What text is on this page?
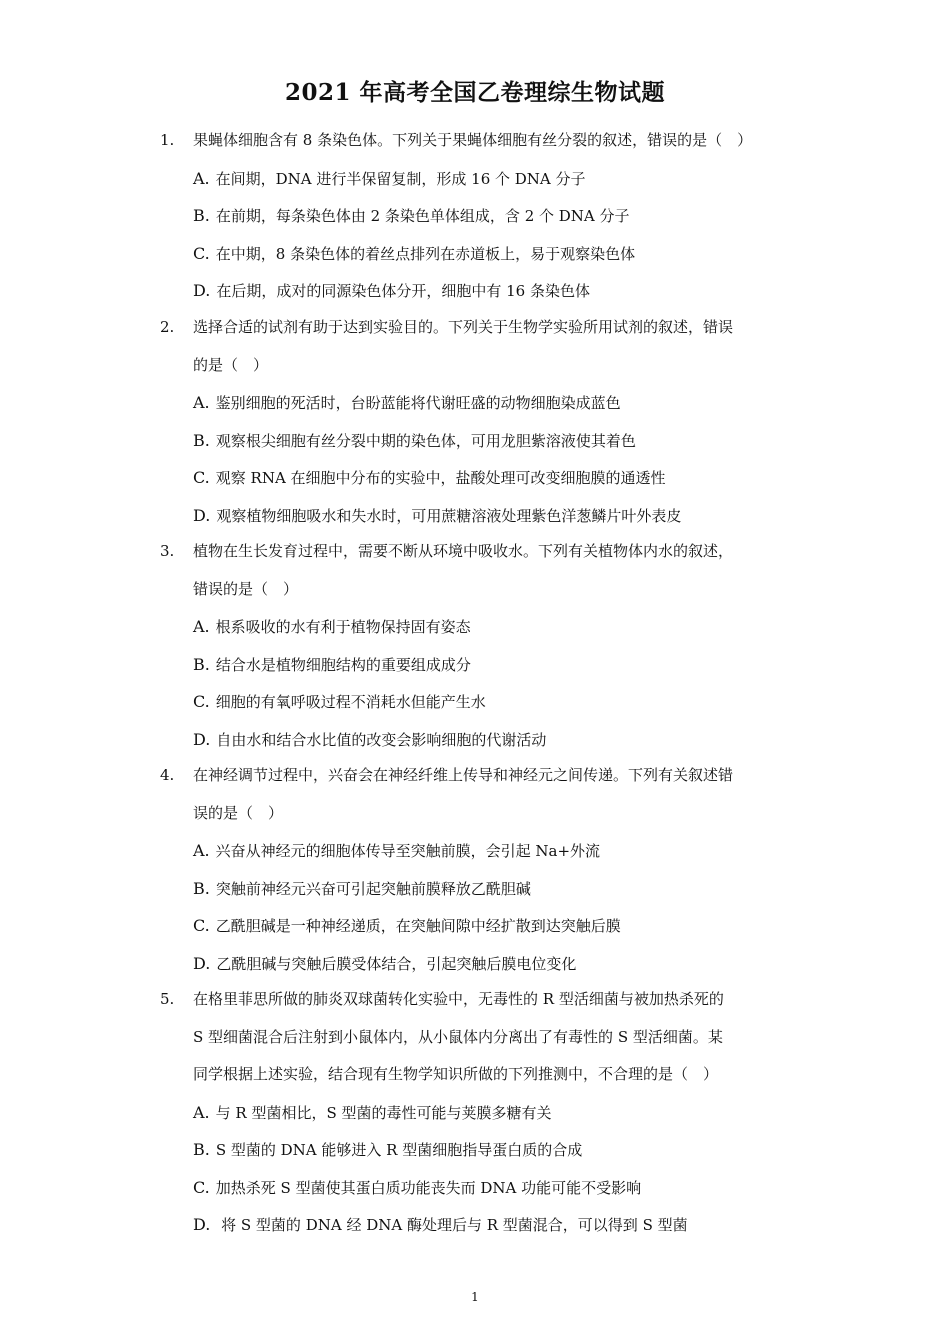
2021 年高考全国乙卷理综生物试题
1. 果蝇体细胞含有 8 条染色体。下列关于果蝇体细胞有丝分裂的叙述，错误的是（　）
A. 在间期，DNA 进行半保留复制，形成 16 个 DNA 分子
B. 在前期，每条染色体由 2 条染色单体组成，含 2 个 DNA 分子
C. 在中期，8 条染色体的着丝点排列在赤道板上，易于观察染色体
D. 在后期，成对的同源染色体分开，细胞中有 16 条染色体
2. 选择合适的试剂有助于达到实验目的。下列关于生物学实验所用试剂的叙述，错误
的是（　）
A. 鉴别细胞的死活时，台盼蓝能将代谢旺盛的动物细胞染成蓝色
B. 观察根尖细胞有丝分裂中期的染色体，可用龙胆紫溶液使其着色
C. 观察 RNA 在细胞中分布的实验中，盐酸处理可改变细胞膜的通透性
D. 观察植物细胞吸水和失水时，可用蔗糖溶液处理紫色洋葱鳞片叶外表皮
3. 植物在生长发育过程中，需要不断从环境中吸收水。下列有关植物体内水的叙述，
错误的是（　）
A. 根系吸收的水有利于植物保持固有姿态
B. 结合水是植物细胞结构的重要组成成分
C. 细胞的有氧呼吸过程不消耗水但能产生水
D. 自由水和结合水比值的改变会影响细胞的代谢活动
4. 在神经调节过程中，兴奋会在神经纤维上传导和神经元之间传递。下列有关叙述错
误的是（　）
A. 兴奋从神经元的细胞体传导至突触前膜，会引起 Na+外流
B. 突触前神经元兴奋可引起突触前膜释放乙酰胆碱
C. 乙酰胆碱是一种神经递质，在突触间隙中经扩散到达突触后膜
D. 乙酰胆碱与突触后膜受体结合，引起突触后膜电位变化
5. 在格里菲思所做的肺炎双球菌转化实验中，无毒性的 R 型活细菌与被加热杀死的
S 型细菌混合后注射到小鼠体内，从小鼠体内分离出了有毒性的 S 型活细菌。某
同学根据上述实验，结合现有生物学知识所做的下列推测中，不合理的是（　）
A. 与 R 型菌相比，S 型菌的毒性可能与荚膜多糖有关
B. S 型菌的 DNA 能够进入 R 型菌细胞指导蛋白质的合成
C. 加热杀死 S 型菌使其蛋白质功能丧失而 DNA 功能可能不受影响
D. 将 S 型菌的 DNA 经 DNA 酶处理后与 R 型菌混合，可以得到 S 型菌
1
